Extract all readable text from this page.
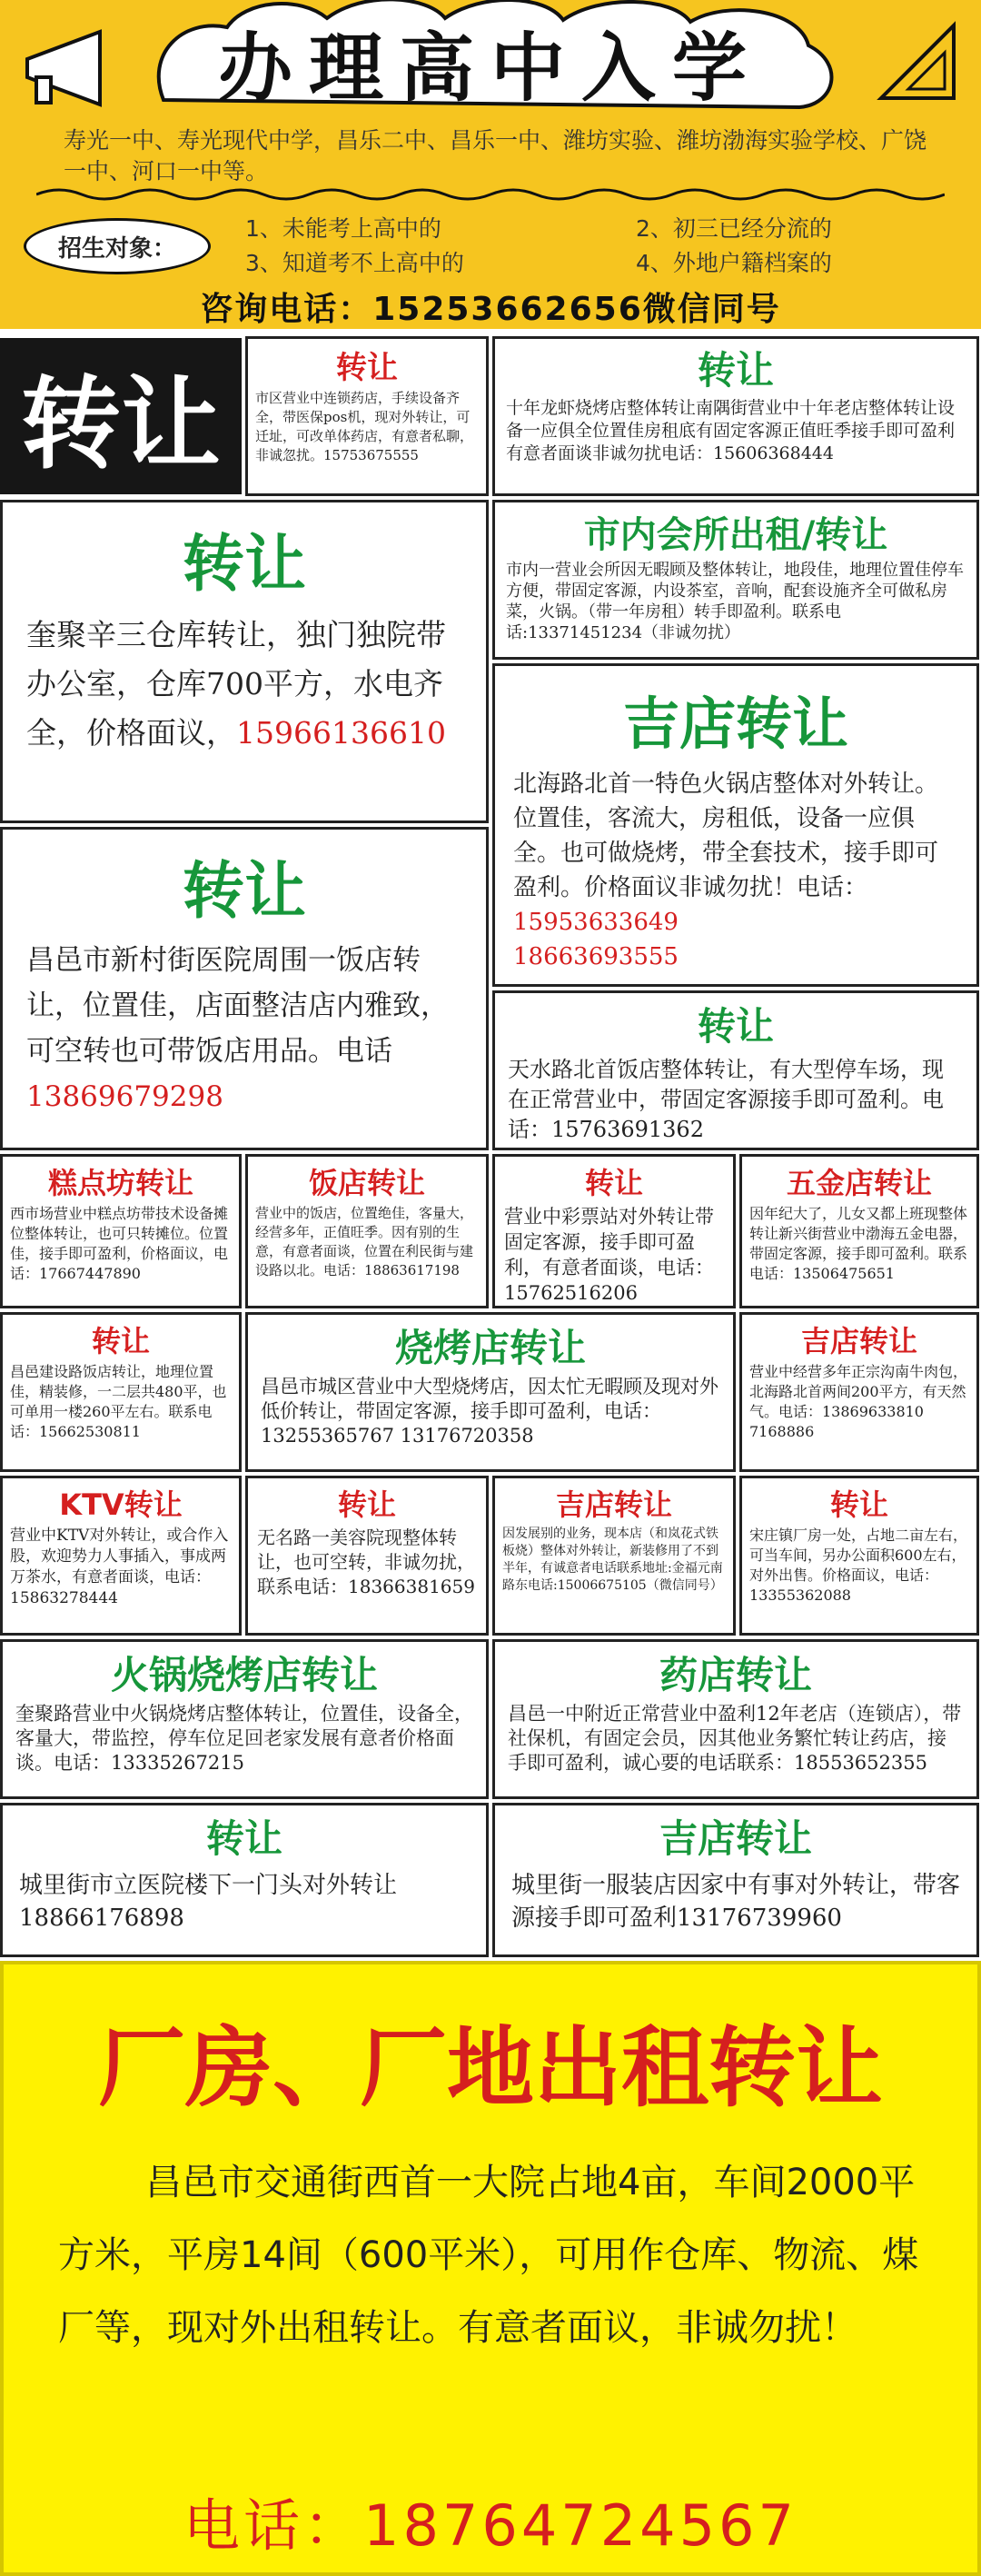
办理高中入学
寿光一中、寿光现代中学，昌乐二中、昌乐一中、潍坊实验、潍坊渤海实验学校、广饶一中、河口一中等。
招生对象：
1、未能考上高中的	2、初三已经分流的
3、知道考不上高中的	4、外地户籍档案的
咨询电话：15253662656微信同号
转让	转让
市区营业中连锁药店，手续设备齐全，带医保pos机，现对外转让，可迁址，可改单体药店，有意者私聊，非诚忽扰。15753675555
转让
十年龙虾烧烤店整体转让南隅街营业中十年老店整体转让设备一应俱全位置佳房租底有固定客源正值旺季接手即可盈利有意者面谈非诚勿扰电话：15606368444
转让
奎聚辛三仓库转让，独门独院带办公室，仓库700平方，水电齐全，价格面议，15966136610
市内会所出租/转让
市内一营业会所因无暇顾及整体转让，地段佳，地理位置佳停车方便，带固定客源，内设茶室，音响，配套设施齐全可做私房菜，火锅。（带一年房租）转手即盈利。联系电话:13371451234（非诚勿扰）
吉店转让
北海路北首一特色火锅店整体对外转让。位置佳，客流大，房租低，设备一应俱全。也可做烧烤，带全套技术，接手即可盈利。价格面议非诚勿扰！电话：15953633649
18663693555
转让
昌邑市新村街医院周围一饭店转让，位置佳，店面整洁店内雅致，可空转也可带饭店用品。电话13869679298
转让
天水路北首饭店整体转让，有大型停车场，现在正常营业中，带固定客源接手即可盈利。电话：15763691362
糕点坊转让
西市场营业中糕点坊带技术设备摊位整体转让，也可只转摊位。位置佳，接手即可盈利，价格面议，电话：17667447890
饭店转让
营业中的饭店，位置绝佳，客量大，经营多年，正值旺季。因有别的生意，有意者面谈，位置在利民街与建设路以北。电话：18863617198
转让
营业中彩票站对外转让带固定客源，接手即可盈利，有意者面谈，电话：15762516206
五金店转让
因年纪大了，儿女又都上班现整体转让新兴街营业中渤海五金电器，带固定客源，接手即可盈利。联系电话：13506475651
转让
昌邑建设路饭店转让，地理位置佳，精装修，一二层共480平，也可单用一楼260平左右。联系电话：15662530811
烧烤店转让
昌邑市城区营业中大型烧烤店，因太忙无暇顾及现对外低价转让，带固定客源，接手即可盈利，电话：13255365767 13176720358
吉店转让
营业中经营多年正宗沟南牛肉包，北海路北首两间200平方，有天然气。电话：13869633810 7168886
KTV转让
营业中KTV对外转让，或合作入股，欢迎势力人事插入，事成两万茶水，有意者面谈，电话：15863278444
转让
无名路一美容院现整体转让，也可空转，非诚勿扰，联系电话：18366381659
吉店转让
因发展别的业务，现本店（和岚花式铁板烧）整体对外转让，新装修用了不到半年，有诚意者电话联系地址:金福元南路东电话:15006675105（微信同号）
转让
宋庄镇厂房一处，占地二亩左右，可当车间，另办公面积600左右，对外出售。价格面议，电话：13355362088
火锅烧烤店转让
奎聚路营业中火锅烧烤店整体转让，位置佳，设备全，客量大，带监控，停车位足回老家发展有意者价格面谈。电话：13335267215
药店转让
昌邑一中附近正常营业中盈利12年老店（连锁店），带社保机，有固定会员，因其他业务繁忙转让药店，接手即可盈利，诚心要的电话联系：18553652355
转让
城里街市立医院楼下一门头对外转让18866176898
吉店转让
城里街一服装店因家中有事对外转让，带客源接手即可盈利13176739960
厂房、厂地出租转让
昌邑市交通街西首一大院占地4亩，车间2000平方米，平房14间（600平米），可用作仓库、物流、煤厂等，现对外出租转让。有意者面议，非诚勿扰！
电话：18764724567
